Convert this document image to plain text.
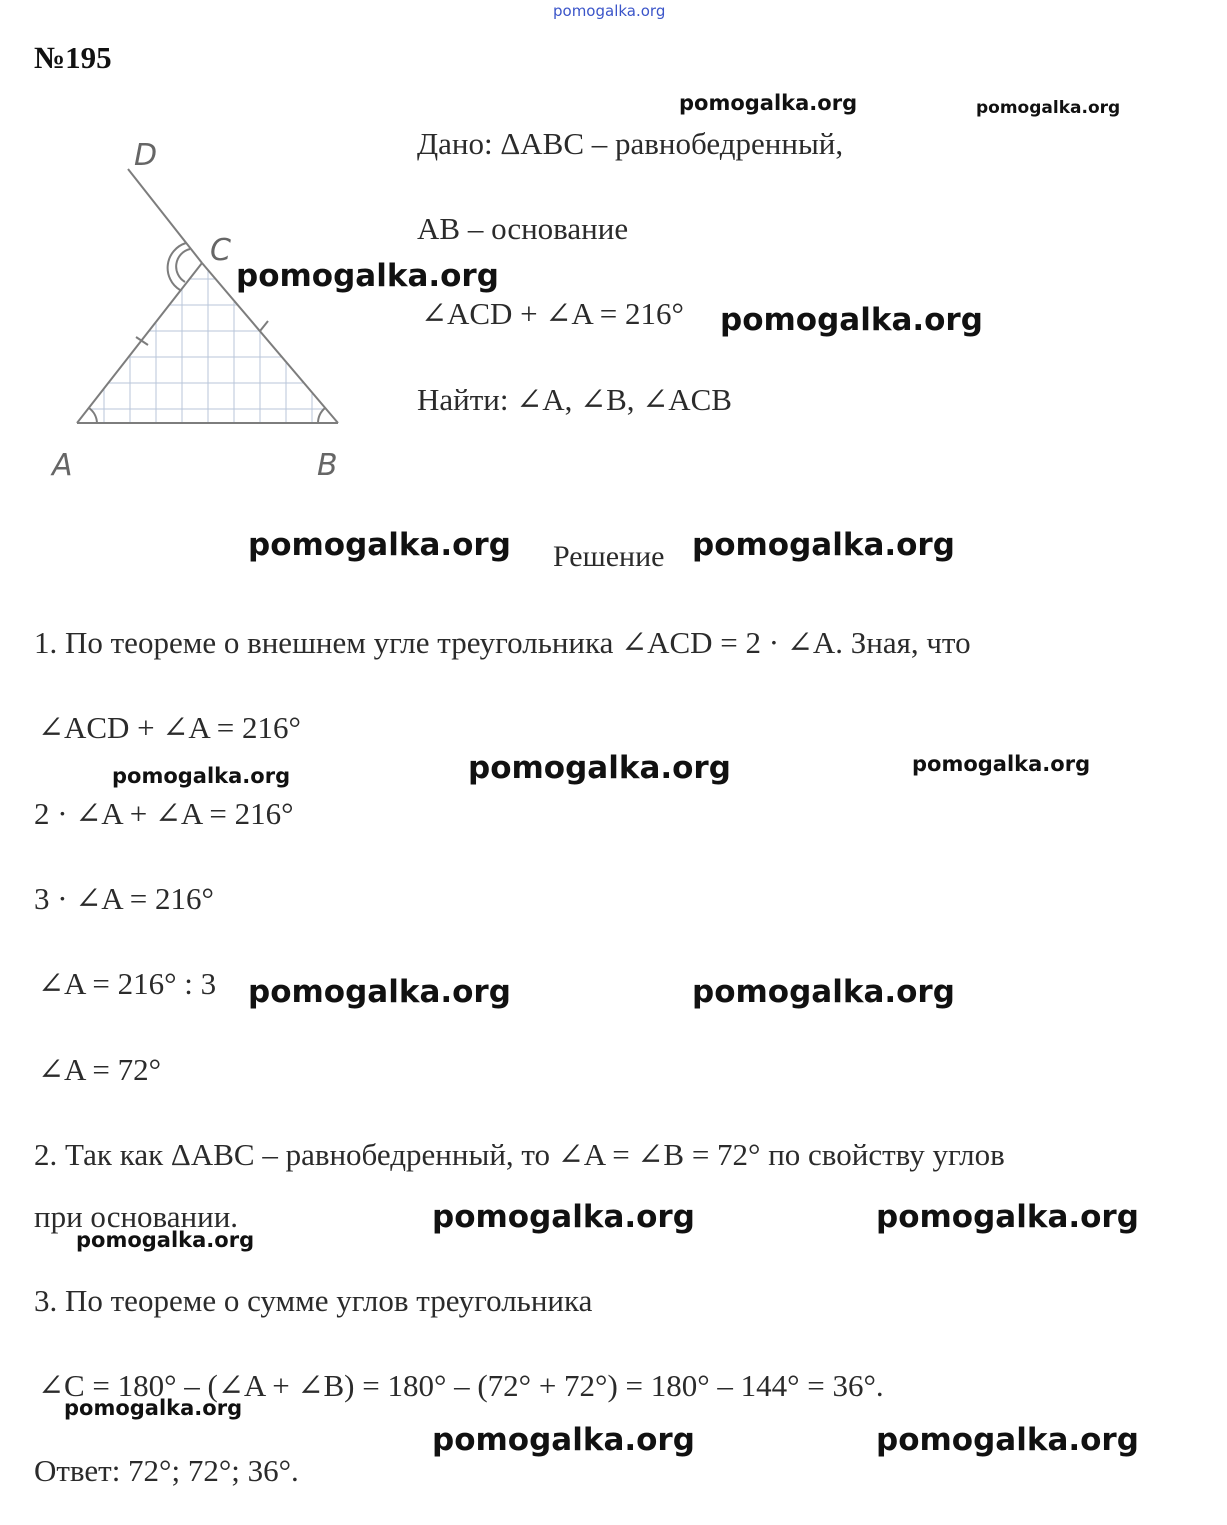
pomogalka.org
№195
A	B
C
D	Дано: ΔABC – равнобедренный,
AB – основание
∠ACD + ∠A = 216°
Найти: ∠A, ∠B, ∠ACB
Решение
1. По теореме о внешнем угле треугольника ∠ACD = 2 · ∠A. Зная, что
∠ACD + ∠A = 216°
2 · ∠A + ∠A = 216°
3 · ∠A = 216°
∠A = 216° : 3
∠A = 72°
2. Так как ΔABC – равнобедренный, то ∠A = ∠B = 72° по свойству углов
при основании.
3. По теореме о сумме углов треугольника
∠C = 180° – (∠A + ∠B) = 180° – (72° + 72°) = 180° – 144° = 36°.
Ответ: 72°; 72°; 36°.
pomogalka.org	pomogalka.org
pomogalka.org
pomogalka.org
pomogalka.org	pomogalka.org
pomogalka.org	pomogalka.org	pomogalka.org
pomogalka.org	pomogalka.org
pomogalka.org	pomogalka.org
pomogalka.org
pomogalka.org
pomogalka.org	pomogalka.org
